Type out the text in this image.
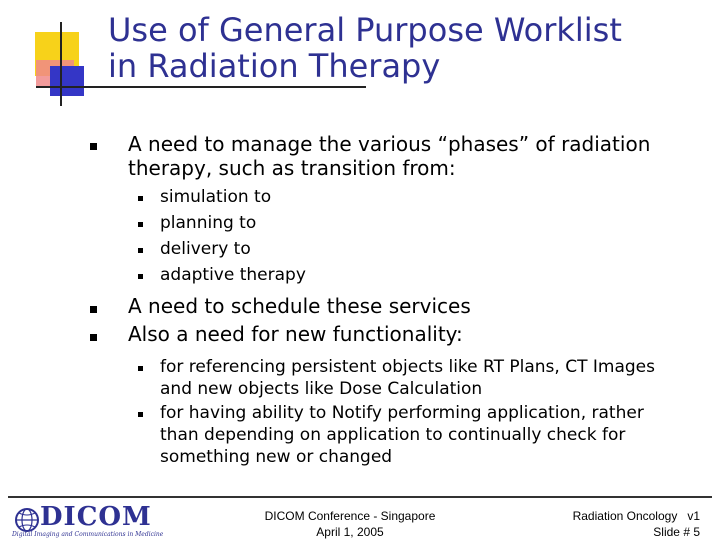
Use of General Purpose Worklist
in Radiation Therapy
A need to manage the various “phases” of radiation
therapy, such as transition from:
simulation to
planning to
delivery to
adaptive therapy
A need to schedule these services
Also a need for new functionality:
for referencing persistent objects like RT Plans, CT Images
and new objects like Dose Calculation
for having ability to Notify performing application, rather
than depending on application to continually check for
something new or changed
DICOM
Digital Imaging and Communications in Medicine
DICOM Conference - Singapore
April 1, 2005
Radiation Oncology   v1
Slide # 5
